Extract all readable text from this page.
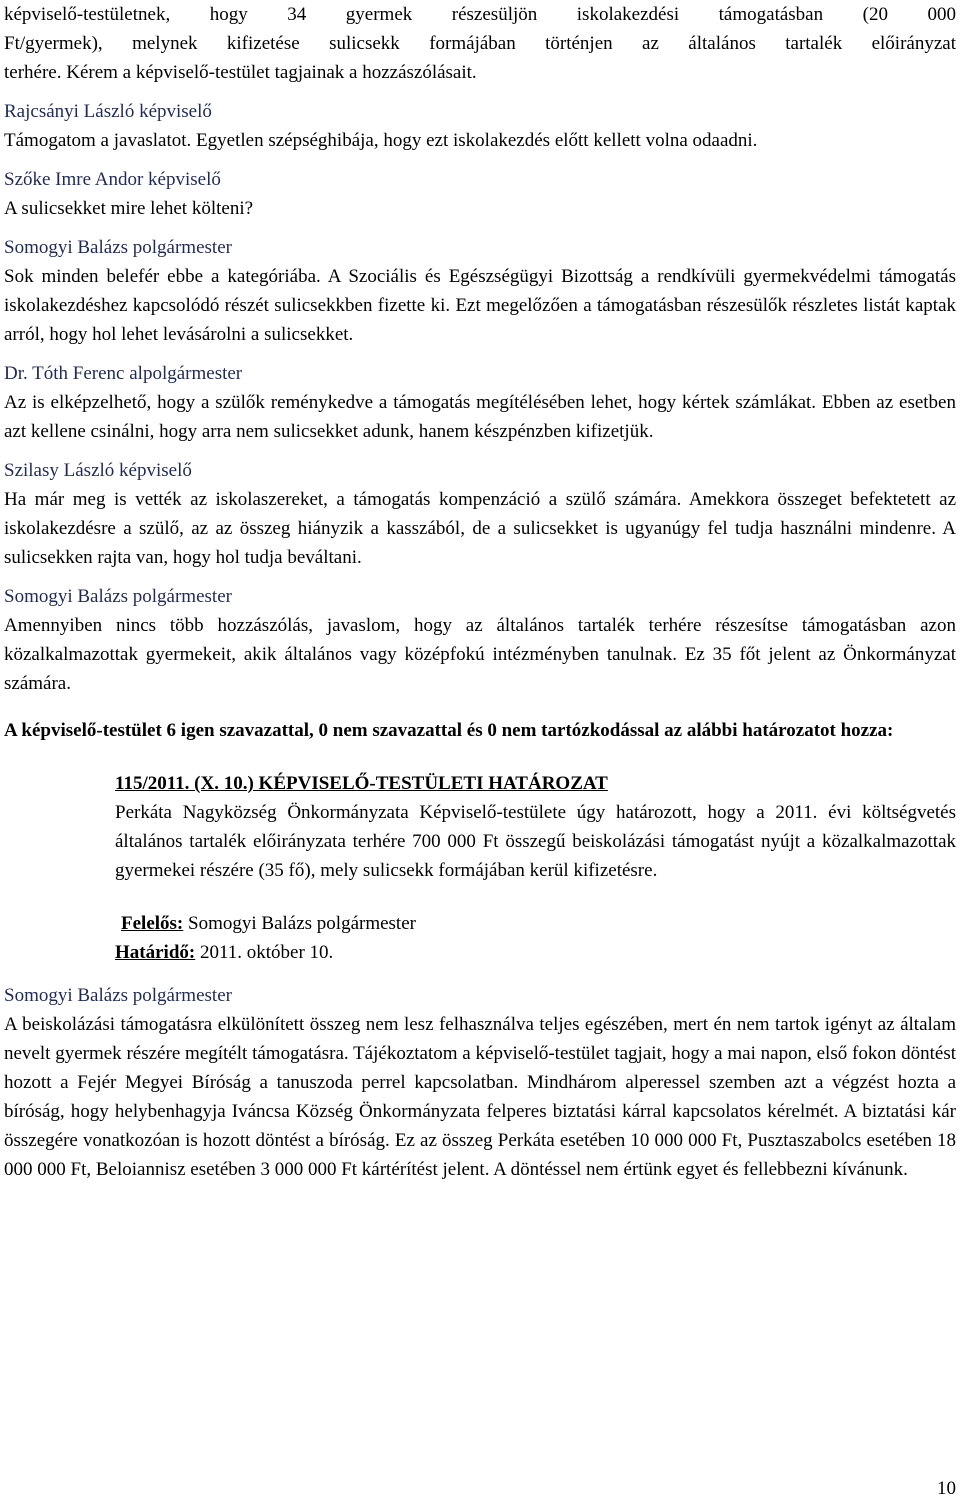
képviselő-testületnek, hogy 34 gyermek részesüljön iskolakezdési támogatásban (20 000

Ft/gyermek), melynek kifizetése sulicsekk formájában történjen az általános tartalék előirányzat

terhére. Kérem a képviselő-testület tagjainak a hozzászólásait.

Rajcsányi László képviselő

Támogatom a javaslatot. Egyetlen szépséghibája, hogy ezt iskolakezdés előtt kellett volna odaadni.

Szőke Imre Andor képviselő

A sulicsekket mire lehet költeni?

Somogyi Balázs polgármester

Sok minden belefér ebbe a kategóriába. A Szociális és Egészségügyi Bizottság a rendkívüli gyermekvédelmi támogatás iskolakezdéshez kapcsolódó részét sulicsekkben fizette ki. Ezt megelőzően a támogatásban részesülők részletes listát kaptak arról, hogy hol lehet levásárolni a sulicsekket.

Dr. Tóth Ferenc alpolgármester

Az is elképzelhető, hogy a szülők reménykedve a támogatás megítélésében lehet, hogy kértek számlákat. Ebben az esetben azt kellene csinálni, hogy arra nem sulicsekket adunk, hanem készpénzben kifizetjük.

Szilasy László képviselő

Ha már meg is vették az iskolaszereket, a támogatás kompenzáció a szülő számára. Amekkora összeget befektetett az iskolakezdésre a szülő, az az összeg hiányzik a kasszából, de a sulicsekket is ugyanúgy fel tudja használni mindenre. A sulicsekken rajta van, hogy hol tudja beváltani.

Somogyi Balázs polgármester

Amennyiben nincs több hozzászólás, javaslom, hogy az általános tartalék terhére részesítse támogatásban azon közalkalmazottak gyermekeit, akik általános vagy középfokú intézményben tanulnak. Ez 35 főt jelent az Önkormányzat számára.

A képviselő-testület 6 igen szavazattal, 0 nem szavazattal és 0 nem tartózkodással az alábbi határozatot hozza:

115/2011. (X. 10.) KÉPVISELŐ-TESTÜLETI HATÁROZAT

Perkáta Nagyközség Önkormányzata Képviselő-testülete úgy határozott, hogy a 2011. évi költségvetés általános tartalék előirányzata terhére 700 000 Ft összegű beiskolázási támogatást nyújt a közalkalmazottak gyermekei részére (35 fő), mely sulicsekk formájában kerül kifizetésre.

Felelős: Somogyi Balázs polgármester
Határidő: 2011. október 10.
Somogyi Balázs polgármester

A beiskolázási támogatásra elkülönített összeg nem lesz felhasználva teljes egészében, mert én nem tartok igényt az általam nevelt gyermek részére megítélt támogatásra. Tájékoztatom a képviselő-testület tagjait, hogy a mai napon, első fokon döntést hozott a Fejér Megyei Bíróság a tanuszoda perrel kapcsolatban. Mindhárom alperessel szemben azt a végzést hozta a bíróság, hogy helybenhagyja Iváncsa Község Önkormányzata felperes biztatási kárral kapcsolatos kérelmét. A biztatási kár összegére vonatkozóan is hozott döntést a bíróság. Ez az összeg Perkáta esetében 10 000 000 Ft, Pusztaszabolcs esetében 18 000 000 Ft, Beloiannisz esetében 3 000 000 Ft kártérítést jelent. A döntéssel nem értünk egyet és fellebbezni kívánunk.

10
